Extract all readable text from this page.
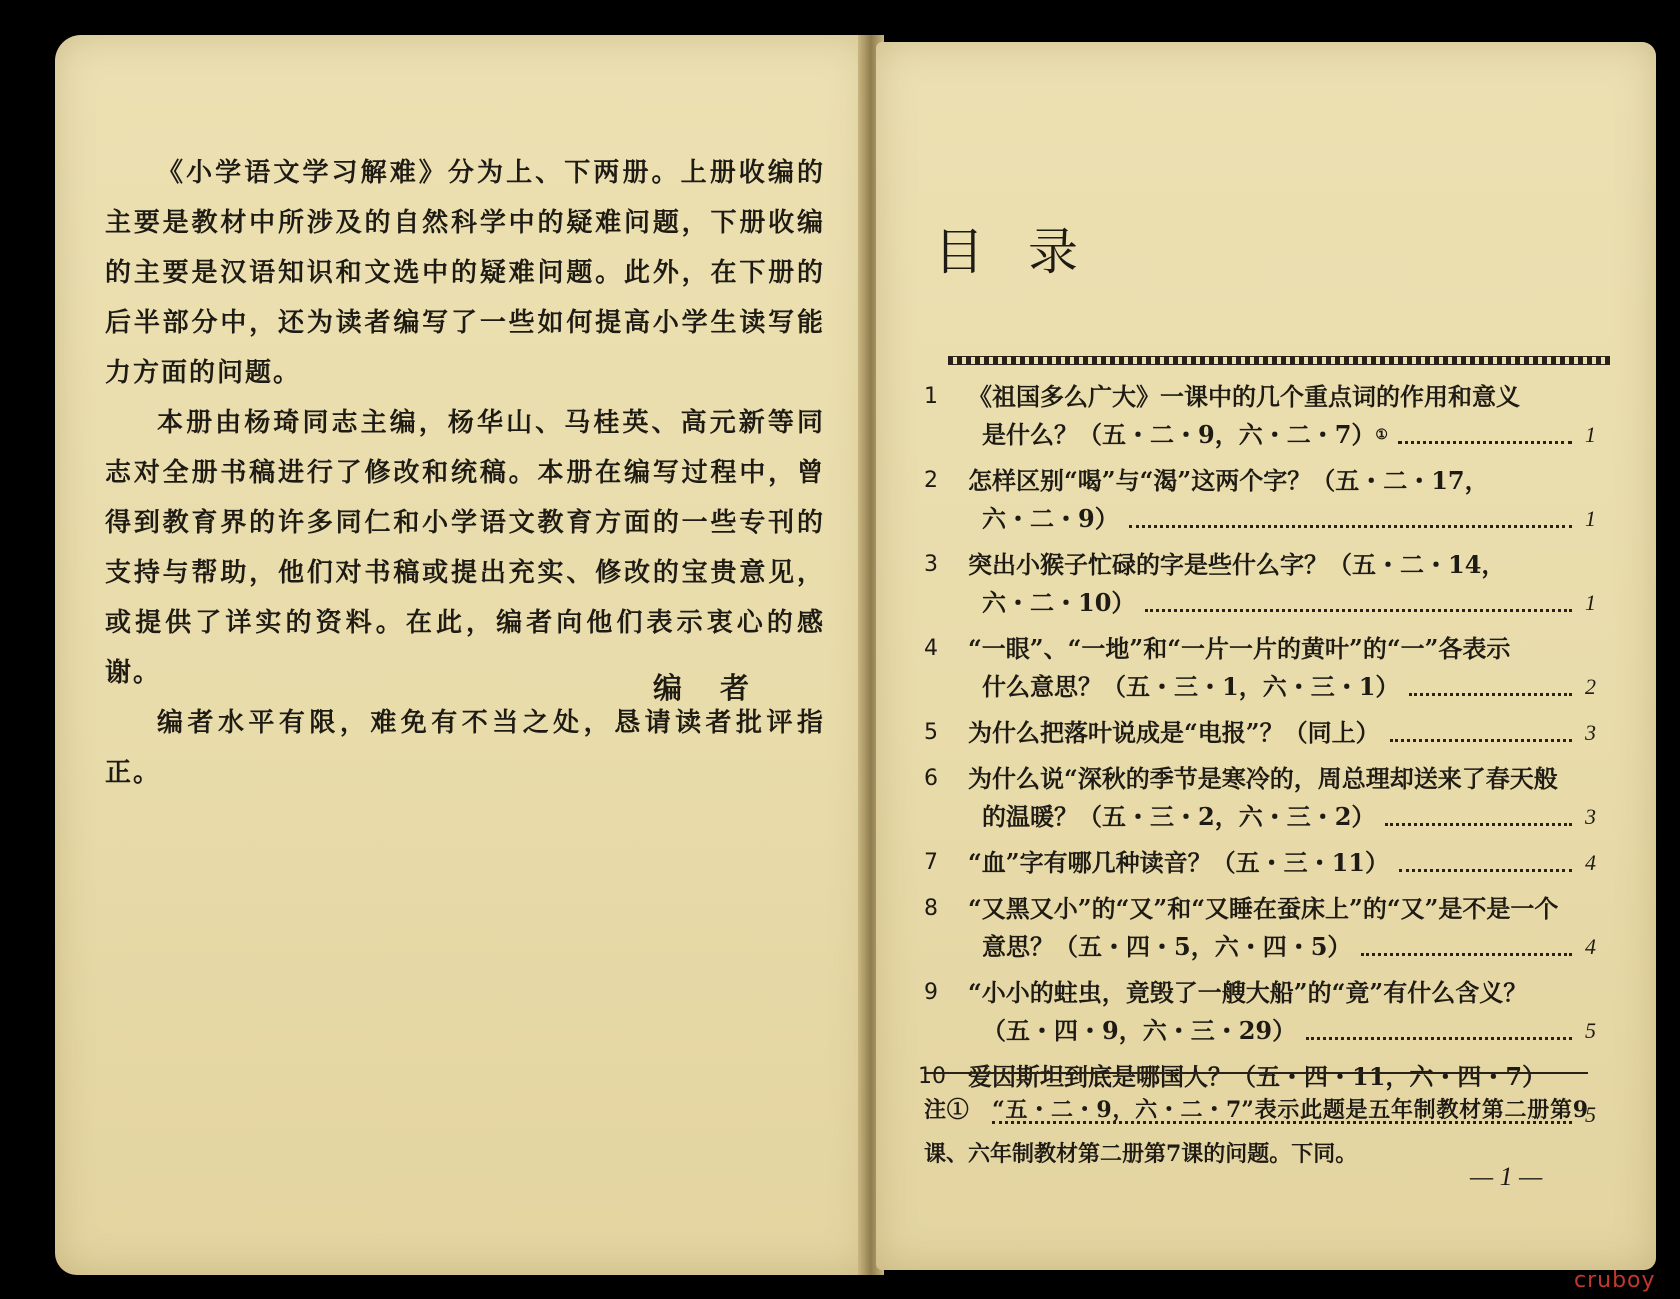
《小学语文学习解难》分为上、下两册。上册收编的主要是教材中所涉及的自然科学中的疑难问题，下册收编的主要是汉语知识和文选中的疑难问题。此外，在下册的后半部分中，还为读者编写了一些如何提高小学生读写能力方面的问题。

本册由杨琦同志主编，杨华山、马桂英、高元新等同志对全册书稿进行了修改和统稿。本册在编写过程中，曾得到教育界的许多同仁和小学语文教育方面的一些专刊的支持与帮助，他们对书稿或提出充实、修改的宝贵意见，或提供了详实的资料。在此，编者向他们表示衷心的感谢。

编者水平有限，难免有不当之处，恳请读者批评指正。

编者
目录
1 《祖国多么广大》一课中的几个重点词的作用和意义
是什么？（五・二・9，六・二・7） ①	1
2 怎样区别“喝”与“渴”这两个字？（五・二・17，
六・二・9）	1
3 突出小猴子忙碌的字是些什么字？（五・二・14，
六・二・10）	1
4 “一眼”、“一地”和“一片一片的黄叶”的“一”各表示
什么意思？（五・三・1，六・三・1）	2
5 为什么把落叶说成是“电报”？（同上）	3
6 为什么说“深秋的季节是寒冷的，周总理却送来了春天般
的温暖？（五・三・2，六・三・2）	3
7 “血”字有哪几种读音？（五・三・11）	4
8 “又黑又小”的“又”和“又睡在蚕床上”的“又”是不是一个
意思？（五・四・5，六・四・5）	4
9 “小小的蛀虫，竟毁了一艘大船”的“竟”有什么含义？
（五・四・9，六・三・29）	5
10 爱因斯坦到底是哪国人？（五・四・11，六・四・7）
5
注①　“五・二・9，六・二・7”表示此题是五年制教材第二册第9课、六年制教材第二册第7课的问题。下同。
— 1 —
cruboy
